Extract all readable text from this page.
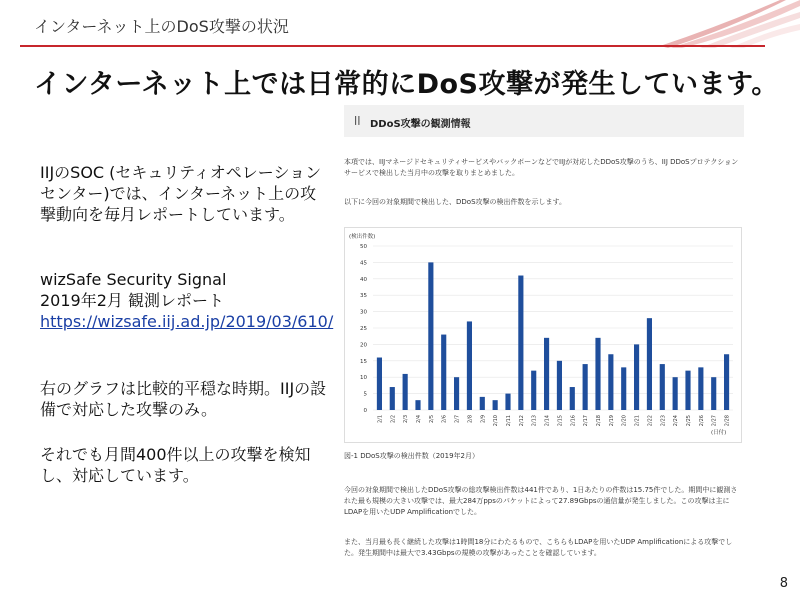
インターネット上のDoS攻撃の状況
インターネット上では日常的にDoS攻撃が発生しています。

IIJのSOC (セキュリティオペレーションセンター)では、インターネット上の攻撃動向を毎月レポートしています。

wizSafe Security Signal

2019年2月 観測レポート

https://wizsafe.iij.ad.jp/2019/03/610/

右のグラフは比較的平穏な時期。IIJの設備で対応した攻撃のみ。

それでも月間400件以上の攻撃を検知し、対応しています。

|| DDoS攻撃の観測情報
本項では、IIJマネージドセキュリティサービスやバックボーンなどでIIJが対応したDDoS攻撃のうち、IIJ DDoSプロテクションサービスで検出した当月中の攻撃を取りまとめました。
以下に今回の対象期間で検出した、DDoS攻撃の検出件数を示します。
(検出件数)
(日付)
0
5
10
15
20
25
30
35
40
45
50
2/1 2/2 2/3 2/4 2/5 2/6 2/7 2/8 2/9 2/10 2/11 2/12 2/13 2/14 2/15 2/16 2/17 2/18 2/19 2/20 2/21 2/22 2/23 2/24 2/25 2/26 2/27 2/28
図-1 DDoS攻撃の検出件数（2019年2月）
今回の対象期間で検出したDDoS攻撃の総攻撃検出件数は441件であり、1日あたりの件数は15.75件でした。期間中に観測された最も規模の大きい攻撃では、最大284万ppsのパケットによって27.89Gbpsの通信量が発生しました。この攻撃は主にLDAPを用いたUDP Amplificationでした。
また、当月最も長く継続した攻撃は1時間18分にわたるもので、こちらもLDAPを用いたUDP Amplificationによる攻撃でした。発生期間中は最大で3.43Gbpsの規模の攻撃があったことを確認しています。
8
